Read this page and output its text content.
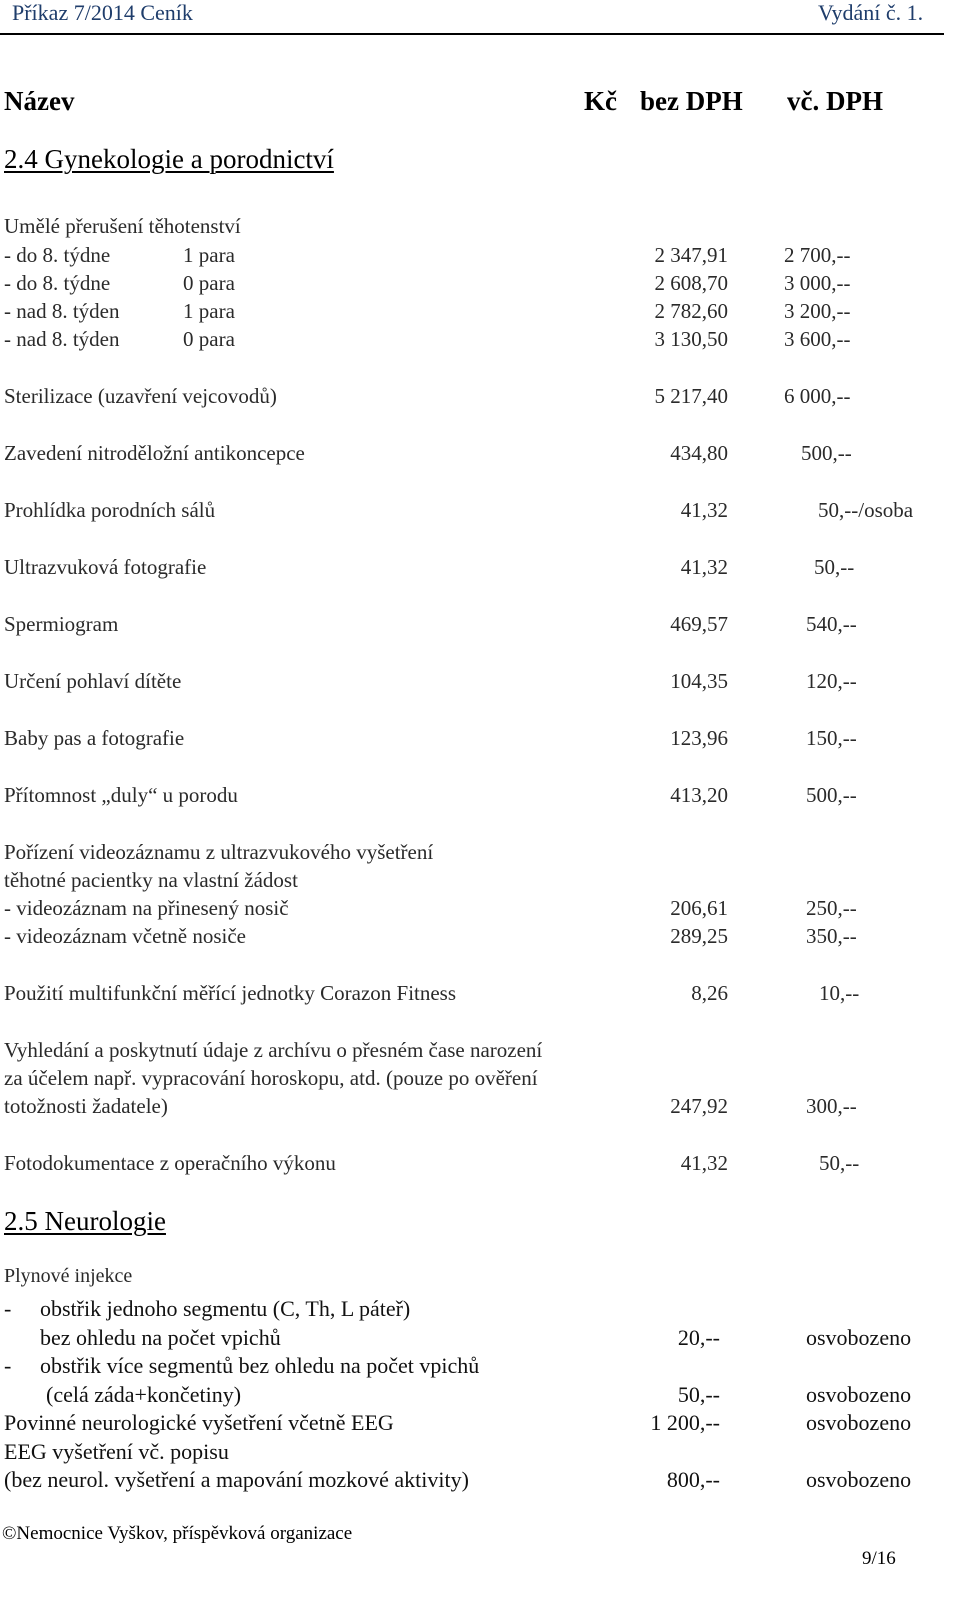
Příkaz 7/2014 Ceník	Vydání č. 1.
Název	Kč bez DPH vč. DPH
2.4 Gynekologie a porodnictví
Umělé přerušení těhotenství
- do 8. týdne	1 para	2 347,91	2 700,--
- do 8. týdne	0 para	2 608,70	3 000,--
- nad 8. týden	1 para	2 782,60	3 200,--
- nad 8. týden	0 para	3 130,50	3 600,--
Sterilizace (uzavření vejcovodů)	5 217,40	6 000,--
Zavedení nitroděložní antikoncepce	434,80	500,--
Prohlídka porodních sálů	41,32	50,--/osoba
Ultrazvuková fotografie	41,32	50,--
Spermiogram	469,57	540,--
Určení pohlaví dítěte	104,35	120,--
Baby pas a fotografie	123,96	150,--
Přítomnost „duly“ u porodu	413,20	500,--
Pořízení videozáznamu z ultrazvukového vyšetření
těhotné pacientky na vlastní žádost
- videozáznam na přinesený nosič	206,61	250,--
- videozáznam včetně nosiče	289,25	350,--
Použití multifunkční měřící jednotky Corazon Fitness	8,26	10,--
Vyhledání a poskytnutí údaje z archívu o přesném čase narození
za účelem např. vypracování horoskopu, atd. (pouze po ověření
totožnosti žadatele)	247,92	300,--
Fotodokumentace z operačního výkonu	41,32	50,--
2.5 Neurologie
Plynové injekce
- obstřik jednoho segmentu (C, Th, L páteř)
bez ohledu na počet vpichů	20,--	osvobozeno
- obstřik více segmentů bez ohledu na počet vpichů
(celá záda+končetiny)	50,--	osvobozeno
Povinné neurologické vyšetření včetně EEG	1 200,--	osvobozeno
EEG vyšetření vč. popisu
(bez neurol. vyšetření a mapování mozkové aktivity)	800,--	osvobozeno
©Nemocnice Vyškov, příspěvková organizace
9/16
